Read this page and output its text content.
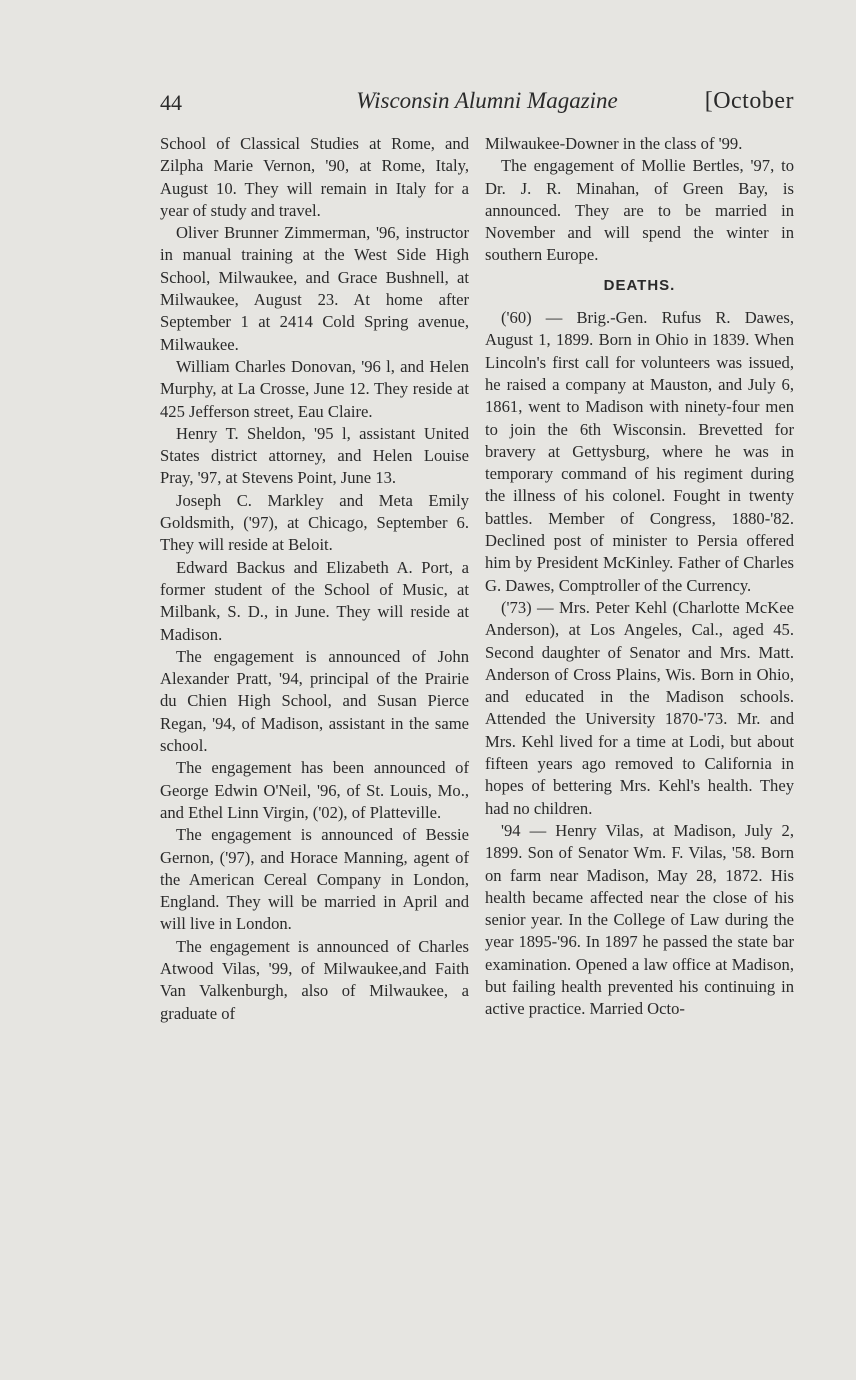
44	Wisconsin Alumni Magazine	[October

School of Classical Studies at Rome, and Zilpha Marie Vernon, '90, at Rome, Italy, August 10. They will remain in Italy for a year of study and travel.

Oliver Brunner Zimmerman, '96, instructor in manual training at the West Side High School, Milwaukee, and Grace Bushnell, at Milwaukee, August 23. At home after September 1 at 2414 Cold Spring avenue, Milwaukee.

William Charles Donovan, '96 l, and Helen Murphy, at La Crosse, June 12. They reside at 425 Jefferson street, Eau Claire.

Henry T. Sheldon, '95 l, assistant United States district attorney, and Helen Louise Pray, '97, at Stevens Point, June 13.

Joseph C. Markley and Meta Emily Goldsmith, ('97), at Chicago, September 6. They will reside at Beloit.

Edward Backus and Elizabeth A. Port, a former student of the School of Music, at Milbank, S. D., in June. They will reside at Madison.

The engagement is announced of John Alexander Pratt, '94, principal of the Prairie du Chien High School, and Susan Pierce Regan, '94, of Madison, assistant in the same school.

The engagement has been announced of George Edwin O'Neil, '96, of St. Louis, Mo., and Ethel Linn Virgin, ('02), of Platteville.

The engagement is announced of Bessie Gernon, ('97), and Horace Manning, agent of the American Cereal Company in London, England. They will be married in April and will live in London.

The engagement is announced of Charles Atwood Vilas, '99, of Milwaukee,and Faith Van Valkenburgh, also of Milwaukee, a graduate of

Milwaukee-Downer in the class of '99.

The engagement of Mollie Bertles, '97, to Dr. J. R. Minahan, of Green Bay, is announced. They are to be married in November and will spend the winter in southern Europe.

DEATHS.

('60) — Brig.-Gen. Rufus R. Dawes, August 1, 1899. Born in Ohio in 1839. When Lincoln's first call for volunteers was issued, he raised a company at Mauston, and July 6, 1861, went to Madison with ninety-four men to join the 6th Wisconsin. Brevetted for bravery at Gettysburg, where he was in temporary command of his regiment during the illness of his colonel. Fought in twenty battles. Member of Congress, 1880-'82. Declined post of minister to Persia offered him by President McKinley. Father of Charles G. Dawes, Comptroller of the Currency.

('73) — Mrs. Peter Kehl (Charlotte McKee Anderson), at Los Angeles, Cal., aged 45. Second daughter of Senator and Mrs. Matt. Anderson of Cross Plains, Wis. Born in Ohio, and educated in the Madison schools. Attended the University 1870-'73. Mr. and Mrs. Kehl lived for a time at Lodi, but about fifteen years ago removed to California in hopes of bettering Mrs. Kehl's health. They had no children.

'94 — Henry Vilas, at Madison, July 2, 1899. Son of Senator Wm. F. Vilas, '58. Born on farm near Madison, May 28, 1872. His health became affected near the close of his senior year. In the College of Law during the year 1895-'96. In 1897 he passed the state bar examination. Opened a law office at Madison, but failing health prevented his continuing in active practice. Married Octo-
